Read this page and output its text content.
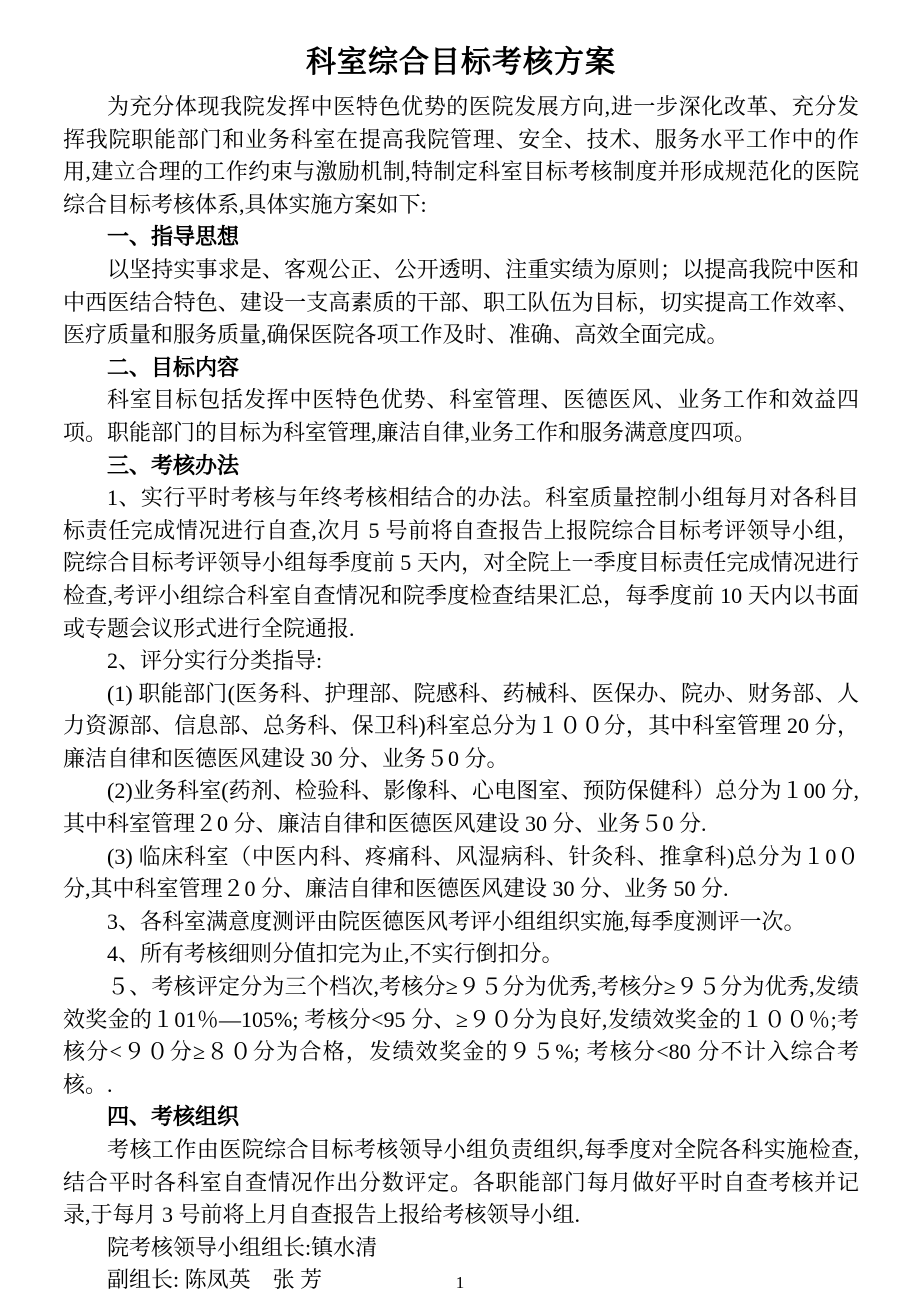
科室综合目标考核方案

为充分体现我院发挥中医特色优势的医院发展方向,进一步深化改革、充分发挥我院职能部门和业务科室在提高我院管理、安全、技术、服务水平工作中的作用,建立合理的工作约束与激励机制,特制定科室目标考核制度并形成规范化的医院综合目标考核体系,具体实施方案如下:

一、指导思想

以坚持实事求是、客观公正、公开透明、注重实绩为原则；以提高我院中医和中西医结合特色、建设一支高素质的干部、职工队伍为目标，切实提高工作效率、医疗质量和服务质量,确保医院各项工作及时、准确、高效全面完成。

二、目标内容

科室目标包括发挥中医特色优势、科室管理、医德医风、业务工作和效益四项。职能部门的目标为科室管理,廉洁自律,业务工作和服务满意度四项。

三、考核办法

1、实行平时考核与年终考核相结合的办法。科室质量控制小组每月对各科目标责任完成情况进行自查,次月 5 号前将自查报告上报院综合目标考评领导小组，院综合目标考评领导小组每季度前 5 天内，对全院上一季度目标责任完成情况进行检查,考评小组综合科室自查情况和院季度检查结果汇总，每季度前 10 天内以书面或专题会议形式进行全院通报.

2、评分实行分类指导:

(1) 职能部门(医务科、护理部、院感科、药械科、医保办、院办、财务部、人力资源部、信息部、总务科、保卫科)科室总分为１００分，其中科室管理 20 分，廉洁自律和医德医风建设 30 分、业务５0 分。

(2)业务科室(药剂、检验科、影像科、心电图室、预防保健科）总分为１00 分,其中科室管理２0 分、廉洁自律和医德医风建设 30 分、业务５0 分.

(3) 临床科室（中医内科、疼痛科、风湿病科、针灸科、推拿科)总分为１0０分,其中科室管理２0 分、廉洁自律和医德医风建设 30 分、业务 50 分.

3、各科室满意度测评由院医德医风考评小组组织实施,每季度测评一次。

4、所有考核细则分值扣完为止,不实行倒扣分。

５、考核评定分为三个档次,考核分≥９５分为优秀,考核分≥９５分为优秀,发绩效奖金的１01％—105%; 考核分<95 分、≥９０分为良好,发绩效奖金的１００％;考核分<９０分≥８０分为合格，发绩效奖金的９５%; 考核分<80 分不计入综合考核。.

四、考核组织

考核工作由医院综合目标考核领导小组负责组织,每季度对全院各科实施检查,结合平时各科室自查情况作出分数评定。各职能部门每月做好平时自查考核并记录,于每月 3 号前将上月自查报告上报给考核领导小组.

院考核领导小组组长:镇水清

副组长: 陈凤英　张 芳	1
